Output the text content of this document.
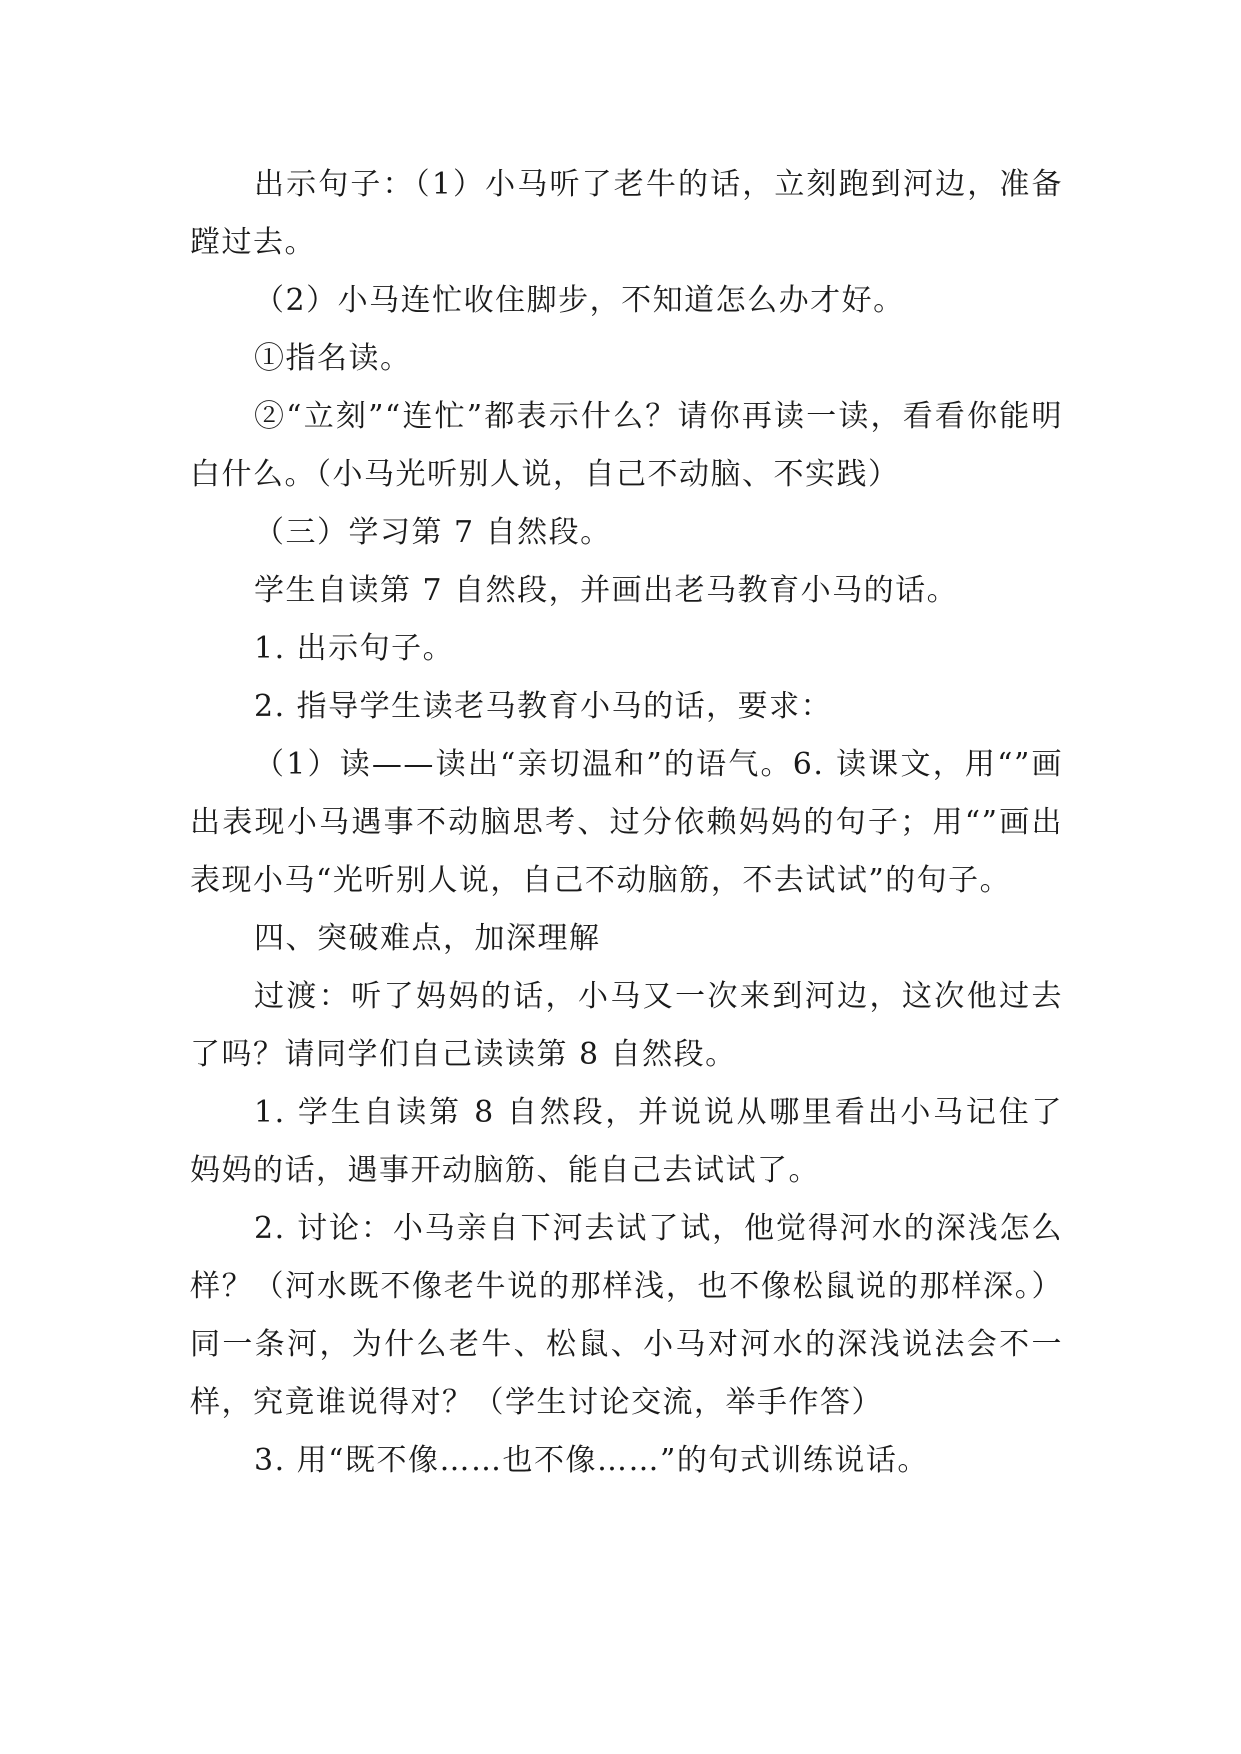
出示句子：（1）小马听了老牛的话，立刻跑到河边，准备蹚过去。

（2）小马连忙收住脚步，不知道怎么办才好。

①指名读。

②“立刻”“连忙”都表示什么？请你再读一读，看看你能明白什么。（小马光听别人说，自己不动脑、不实践）

（三）学习第 7 自然段。

学生自读第 7 自然段，并画出老马教育小马的话。

1. 出示句子。

2. 指导学生读老马教育小马的话，要求：

（1）读——读出“亲切温和”的语气。6. 读课文，用“”画出表现小马遇事不动脑思考、过分依赖妈妈的句子；用“”画出表现小马“光听别人说，自己不动脑筋，不去试试”的句子。

四、突破难点，加深理解

过渡：听了妈妈的话，小马又一次来到河边，这次他过去了吗？请同学们自己读读第 8 自然段。

1. 学生自读第 8 自然段，并说说从哪里看出小马记住了妈妈的话，遇事开动脑筋、能自己去试试了。

2. 讨论：小马亲自下河去试了试，他觉得河水的深浅怎么样？（河水既不像老牛说的那样浅，也不像松鼠说的那样深。）同一条河，为什么老牛、松鼠、小马对河水的深浅说法会不一样，究竟谁说得对？（学生讨论交流，举手作答）

3. 用“既不像……也不像……”的句式训练说话。
